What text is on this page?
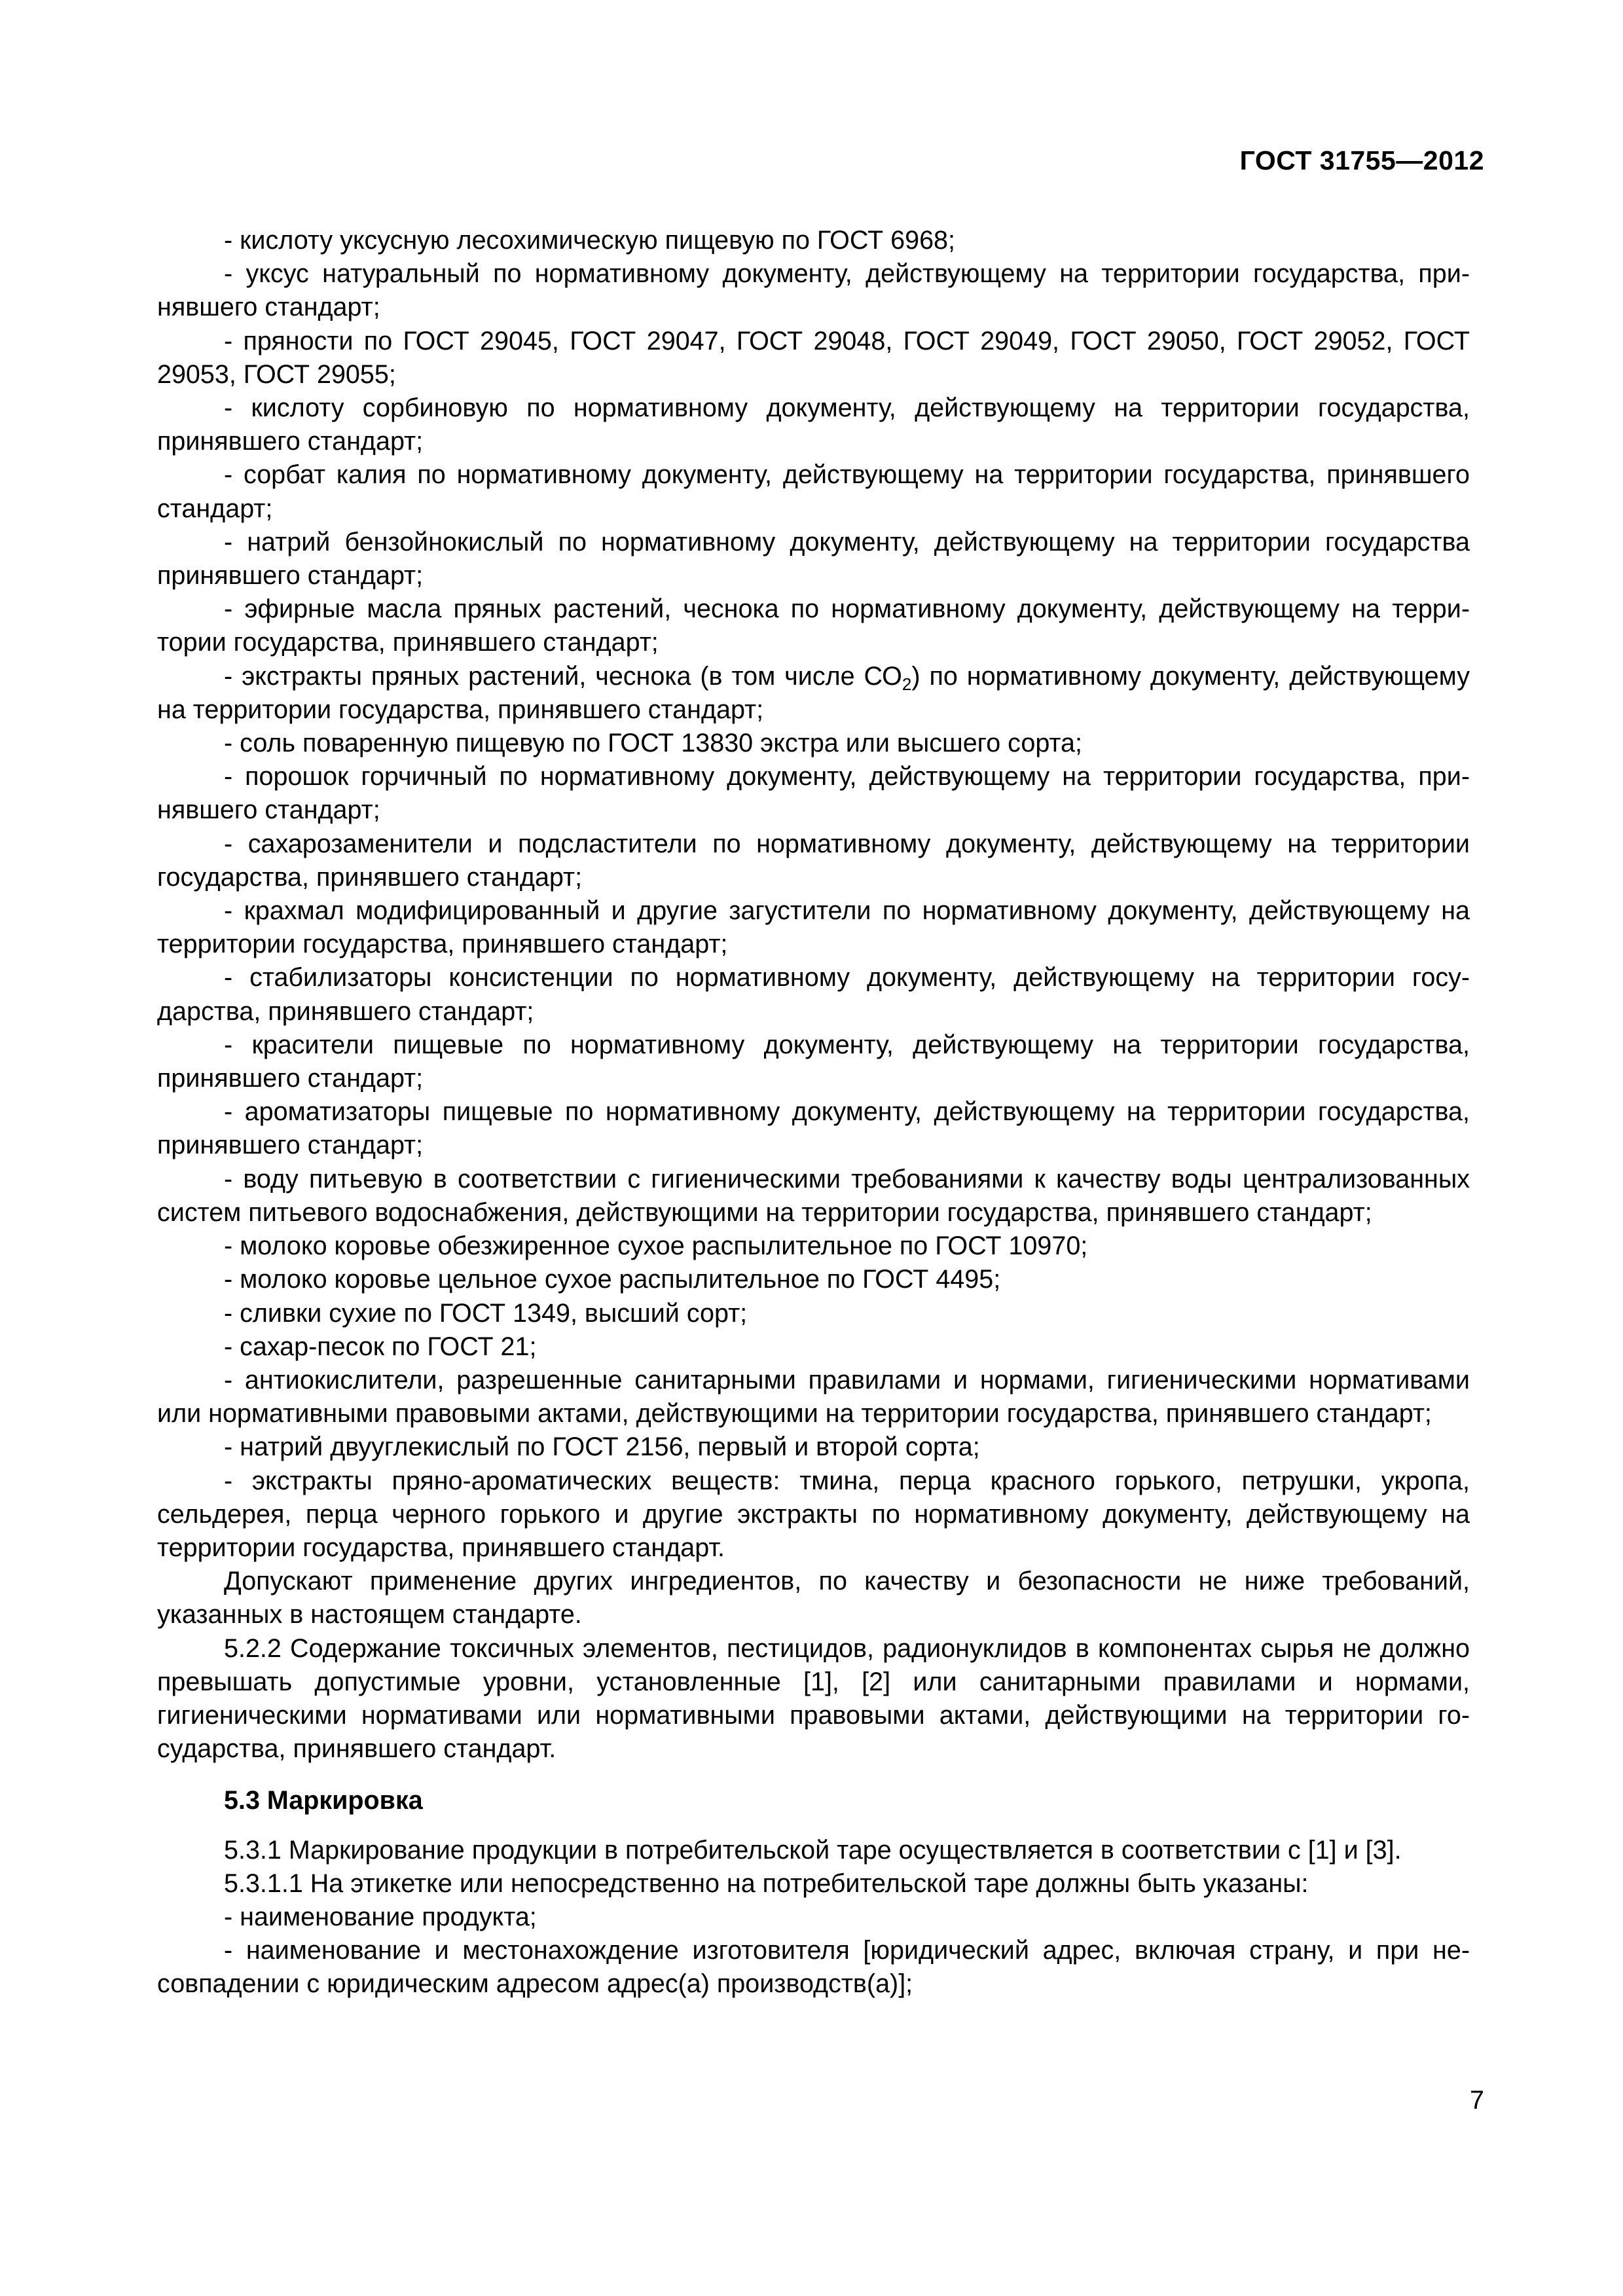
ГОСТ 31755—2012

- кислоту уксусную лесохимическую пищевую по ГОСТ 6968;

- уксус натуральный по нормативному документу, действующему на территории государства, принявшего стандарт;

- пряности по ГОСТ 29045, ГОСТ 29047, ГОСТ 29048, ГОСТ 29049, ГОСТ 29050, ГОСТ 29052, ГОСТ 29053, ГОСТ 29055;

- кислоту сорбиновую по нормативному документу, действующему на территории государства, принявшего стандарт;

- сорбат калия по нормативному документу, действующему на территории государства, принявшего стандарт;

- натрий бензойнокислый по нормативному документу, действующему на территории государства принявшего стандарт;

- эфирные масла пряных растений, чеснока по нормативному документу, действующему на территории государства, принявшего стандарт;

- экстракты пряных растений, чеснока (в том числе $СО_2$) по нормативному документу, действующему на территории государства, принявшего стандарт;

- соль поваренную пищевую по ГОСТ 13830 экстра или высшего сорта;

- порошок горчичный по нормативному документу, действующему на территории государства, принявшего стандарт;

- сахарозаменители и подсластители по нормативному документу, действующему на территории государства, принявшего стандарт;

- крахмал модифицированный и другие загустители по нормативному документу, действующему на территории государства, принявшего стандарт;

- стабилизаторы консистенции по нормативному документу, действующему на территории государства, принявшего стандарт;

- красители пищевые по нормативному документу, действующему на территории государства, принявшего стандарт;

- ароматизаторы пищевые по нормативному документу, действующему на территории государства, принявшего стандарт;

- воду питьевую в соответствии с гигиеническими требованиями к качеству воды централизованных систем питьевого водоснабжения, действующими на территории государства, принявшего стандарт;

- молоко коровье обезжиренное сухое распылительное по ГОСТ 10970;

- молоко коровье цельное сухое распылительное по ГОСТ 4495;

- сливки сухие по ГОСТ 1349, высший сорт;

- сахар-песок по ГОСТ 21;

- антиокислители, разрешенные санитарными правилами и нормами, гигиеническими нормативами или нормативными правовыми актами, действующими на территории государства, принявшего стандарт;

- натрий двууглекислый по ГОСТ 2156, первый и второй сорта;

- экстракты пряно-ароматических веществ: тмина, перца красного горького, петрушки, укропа, сельдерея, перца черного горького и другие экстракты по нормативному документу, действующему на территории государства, принявшего стандарт.

Допускают применение других ингредиентов, по качеству и безопасности не ниже требований, указанных в настоящем стандарте.

5.2.2 Содержание токсичных элементов, пестицидов, радионуклидов в компонентах сырья не должно превышать допустимые уровни, установленные [1], [2] или санитарными правилами и нормами, гигиеническими нормативами или нормативными правовыми актами, действующими на территории государства, принявшего стандарт.

5.3 Маркировка

5.3.1 Маркирование продукции в потребительской таре осуществляется в соответствии с [1] и [3].

5.3.1.1 На этикетке или непосредственно на потребительской таре должны быть указаны:

- наименование продукта;

- наименование и местонахождение изготовителя [юридический адрес, включая страну, и при несовпадении с юридическим адресом адрес(а) производств(а)];

7
